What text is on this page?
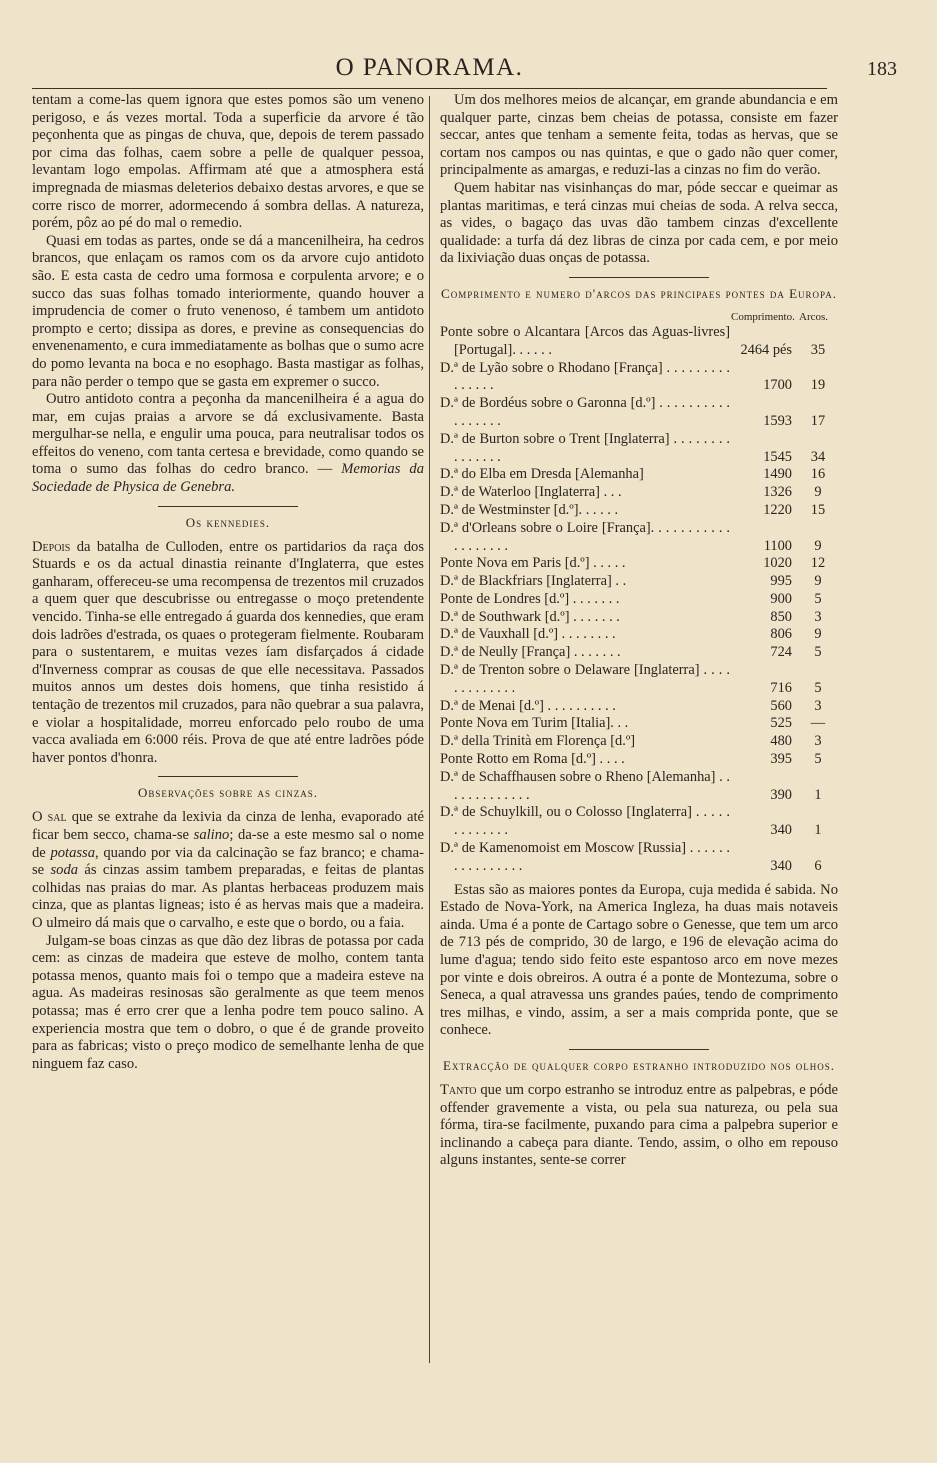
O PANORAMA.	183

tentam a come-las quem ignora que estes pomos são um veneno perigoso, e ás vezes mortal. Toda a superficie da arvore é tão peçonhenta que as pingas de chuva, que, depois de terem passado por cima das folhas, caem sobre a pelle de qualquer pessoa, levantam logo empolas. Affirmam até que a atmosphera está impregnada de miasmas deleterios debaixo destas arvores, e que se corre risco de morrer, adormecendo á sombra dellas. A natureza, porém, pôz ao pé do mal o remedio.

Quasi em todas as partes, onde se dá a mancenilheira, ha cedros brancos, que enlaçam os ramos com os da arvore cujo antidoto são. E esta casta de cedro uma formosa e corpulenta arvore; e o succo das suas folhas tomado interiormente, quando houver a imprudencia de comer o fruto venenoso, é tambem um antidoto prompto e certo; dissipa as dores, e previne as consequencias do envenenamento, e cura immediatamente as bolhas que o sumo acre do pomo levanta na boca e no esophago. Basta mastigar as folhas, para não perder o tempo que se gasta em expremer o succo.

Outro antidoto contra a peçonha da mancenilheira é a agua do mar, em cujas praias a arvore se dá exclusivamente. Basta mergulhar-se nella, e engulir uma pouca, para neutralisar todos os effeitos do veneno, com tanta certesa e brevidade, como quando se toma o sumo das folhas do cedro branco. — Memorias da Sociedade de Physica de Genebra.

Os kennedies.

Depois da batalha de Culloden, entre os partidarios da raça dos Stuards e os da actual dinastia reinante d'Inglaterra, que estes ganharam, offereceu-se uma recompensa de trezentos mil cruzados a quem quer que descubrisse ou entregasse o moço pretendente vencido. Tinha-se elle entregado á guarda dos kennedies, que eram dois ladrões d'estrada, os quaes o protegeram fielmente. Roubaram para o sustentarem, e muitas vezes íam disfarçados á cidade d'Inverness comprar as cousas de que elle necessitava. Passados muitos annos um destes dois homens, que tinha resistido á tentação de trezentos mil cruzados, para não quebrar a sua palavra, e violar a hospitalidade, morreu enforcado pelo roubo de uma vacca avaliada em 6:000 réis. Prova de que até entre ladrões póde haver pontos d'honra.

Observações sobre as cinzas.

O sal que se extrahe da lexivia da cinza de lenha, evaporado até ficar bem secco, chama-se salino; da-se a este mesmo sal o nome de potassa, quando por via da calcinação se faz branco; e chama-se soda ás cinzas assim tambem preparadas, e feitas de plantas colhidas nas praias do mar. As plantas herbaceas produzem mais cinza, que as plantas ligneas; isto é as hervas mais que a madeira. O ulmeiro dá mais que o carvalho, e este que o bordo, ou a faia.

Julgam-se boas cinzas as que dão dez libras de potassa por cada cem: as cinzas de madeira que esteve de molho, contem tanta potassa menos, quanto mais foi o tempo que a madeira esteve na agua. As madeiras resinosas são geralmente as que teem menos potassa; mas é erro crer que a lenha podre tem pouco salino. A experiencia mostra que tem o dobro, o que é de grande proveito para as fabricas; visto o preço modico de semelhante lenha de que ninguem faz caso.

Um dos melhores meios de alcançar, em grande abundancia e em qualquer parte, cinzas bem cheias de potassa, consiste em fazer seccar, antes que tenham a semente feita, todas as hervas, que se cortam nos campos ou nas quintas, e que o gado não quer comer, principalmente as amargas, e reduzi-las a cinzas no fim do verão.

Quem habitar nas visinhanças do mar, póde seccar e queimar as plantas maritimas, e terá cinzas mui cheias de soda. A relva secca, as vides, o bagaço das uvas dão tambem cinzas d'excellente qualidade: a turfa dá dez libras de cinza por cada cem, e por meio da lixiviação duas onças de potassa.

Comprimento e numero d'arcos das principaes pontes da Europa.
	Comprimento.	Arcos.
Ponte sobre o Alcantara [Arcos das Aguas-livres] [Portugal]. . . . . .	2464 pés	35
D.ª de Lyão sobre o Rhodano [França] . . . . . . . . . . . . . . .	1700	19
D.ª de Bordéus sobre o Garonna [d.º] . . . . . . . . . . . . . . . . .	1593	17
D.ª de Burton sobre o Trent [Inglaterra] . . . . . . . . . . . . . . .	1545	34
D.ª do Elba em Dresda [Alemanha]	1490	16
D.ª de Waterloo [Inglaterra] . . .	1326	9
D.ª de Westminster [d.º]. . . . . .	1220	15
D.ª d'Orleans sobre o Loire [França]. . . . . . . . . . . . . . . . . . .	1100	9
Ponte Nova em Paris [d.º] . . . . .	1020	12
D.ª de Blackfriars [Inglaterra] . .	995	9
Ponte de Londres [d.º] . . . . . . .	900	5
D.ª de Southwark [d.º] . . . . . . .	850	3
D.ª de Vauxhall [d.º] . . . . . . . .	806	9
D.ª de Neully [França] . . . . . . .	724	5
D.ª de Trenton sobre o Delaware [Inglaterra] . . . . . . . . . . . . .	716	5
D.ª de Menai [d.º] . . . . . . . . . .	560	3
Ponte Nova em Turim [Italia]. . .	525	—
D.ª della Trinità em Florença [d.º]	480	3
Ponte Rotto em Roma [d.º] . . . .	395	5
D.ª de Schaffhausen sobre o Rheno [Alemanha] . . . . . . . . . . . . .	390	1
D.ª de Schuylkill, ou o Colosso [Inglaterra] . . . . . . . . . . . . .	340	1
D.ª de Kamenomoist em Moscow [Russia] . . . . . . . . . . . . . . . .	340	6

Estas são as maiores pontes da Europa, cuja medida é sabida. No Estado de Nova-York, na America Ingleza, ha duas mais notaveis ainda. Uma é a ponte de Cartago sobre o Genesse, que tem um arco de 713 pés de comprido, 30 de largo, e 196 de elevação acima do lume d'agua; tendo sido feito este espantoso arco em nove mezes por vinte e dois obreiros. A outra é a ponte de Montezuma, sobre o Seneca, a qual atravessa uns grandes paúes, tendo de comprimento tres milhas, e vindo, assim, a ser a mais comprida ponte, que se conhece.

Extracção de qualquer corpo estranho introduzido nos olhos.

Tanto que um corpo estranho se introduz entre as palpebras, e póde offender gravemente a vista, ou pela sua natureza, ou pela sua fórma, tira-se facilmente, puxando para cima a palpebra superior e inclinando a cabeça para diante. Tendo, assim, o olho em repouso alguns instantes, sente-se correr
